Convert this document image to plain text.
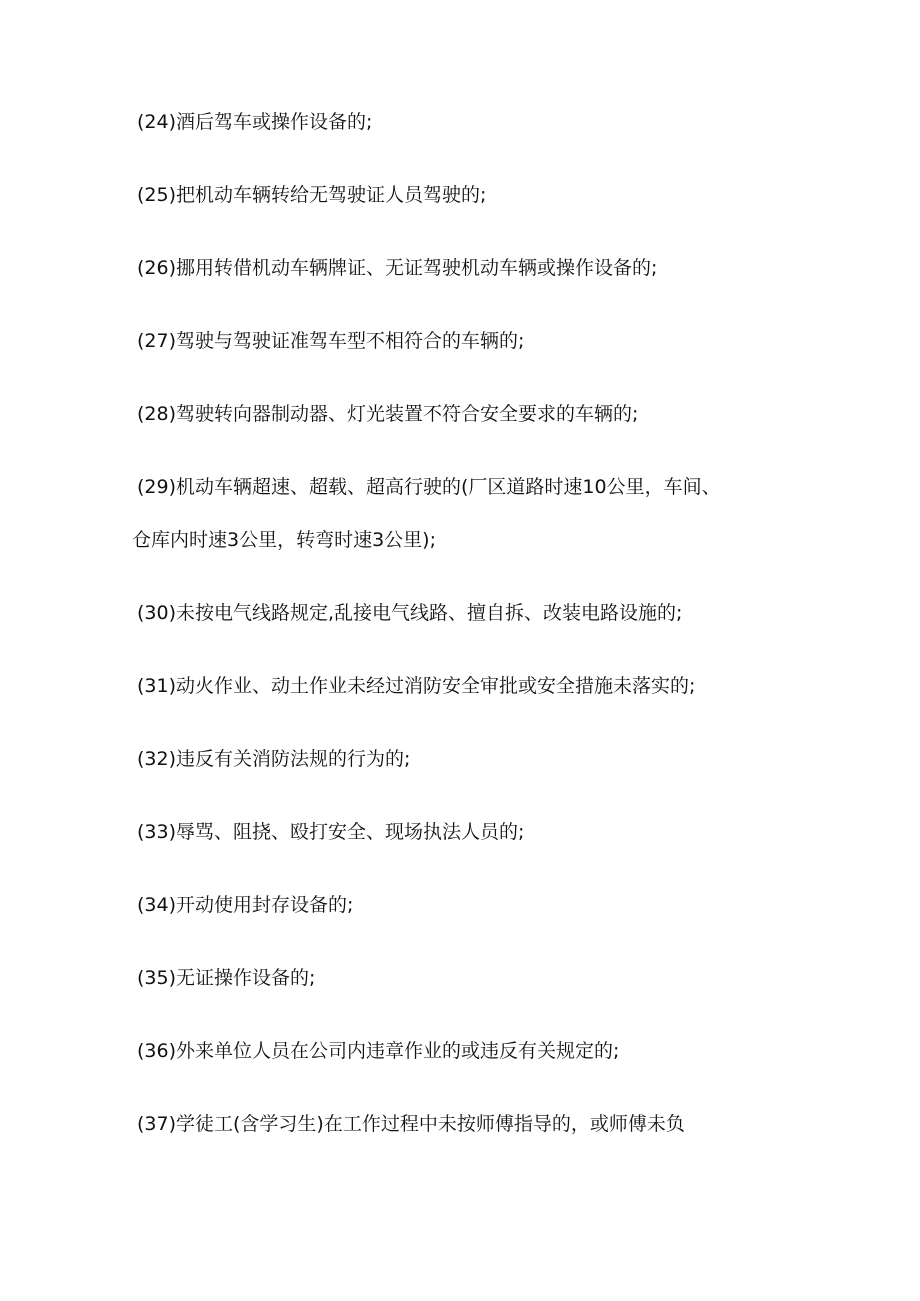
(24)酒后驾车或操作设备的;
(25)把机动车辆转给无驾驶证人员驾驶的;
(26)挪用转借机动车辆牌证、无证驾驶机动车辆或操作设备的;
(27)驾驶与驾驶证准驾车型不相符合的车辆的;
(28)驾驶转向器制动器、灯光装置不符合安全要求的车辆的;
(29)机动车辆超速、超载、超高行驶的(厂区道路时速10公里，车间、
仓库内时速3公里，转弯时速3公里);
(30)未按电气线路规定,乱接电气线路、擅自拆、改装电路设施的;
(31)动火作业、动土作业未经过消防安全审批或安全措施未落实的;
(32)违反有关消防法规的行为的;
(33)辱骂、阻挠、殴打安全、现场执法人员的;
(34)开动使用封存设备的;
(35)无证操作设备的;
(36)外来单位人员在公司内违章作业的或违反有关规定的;
(37)学徒工(含学习生)在工作过程中未按师傅指导的，或师傅未负
